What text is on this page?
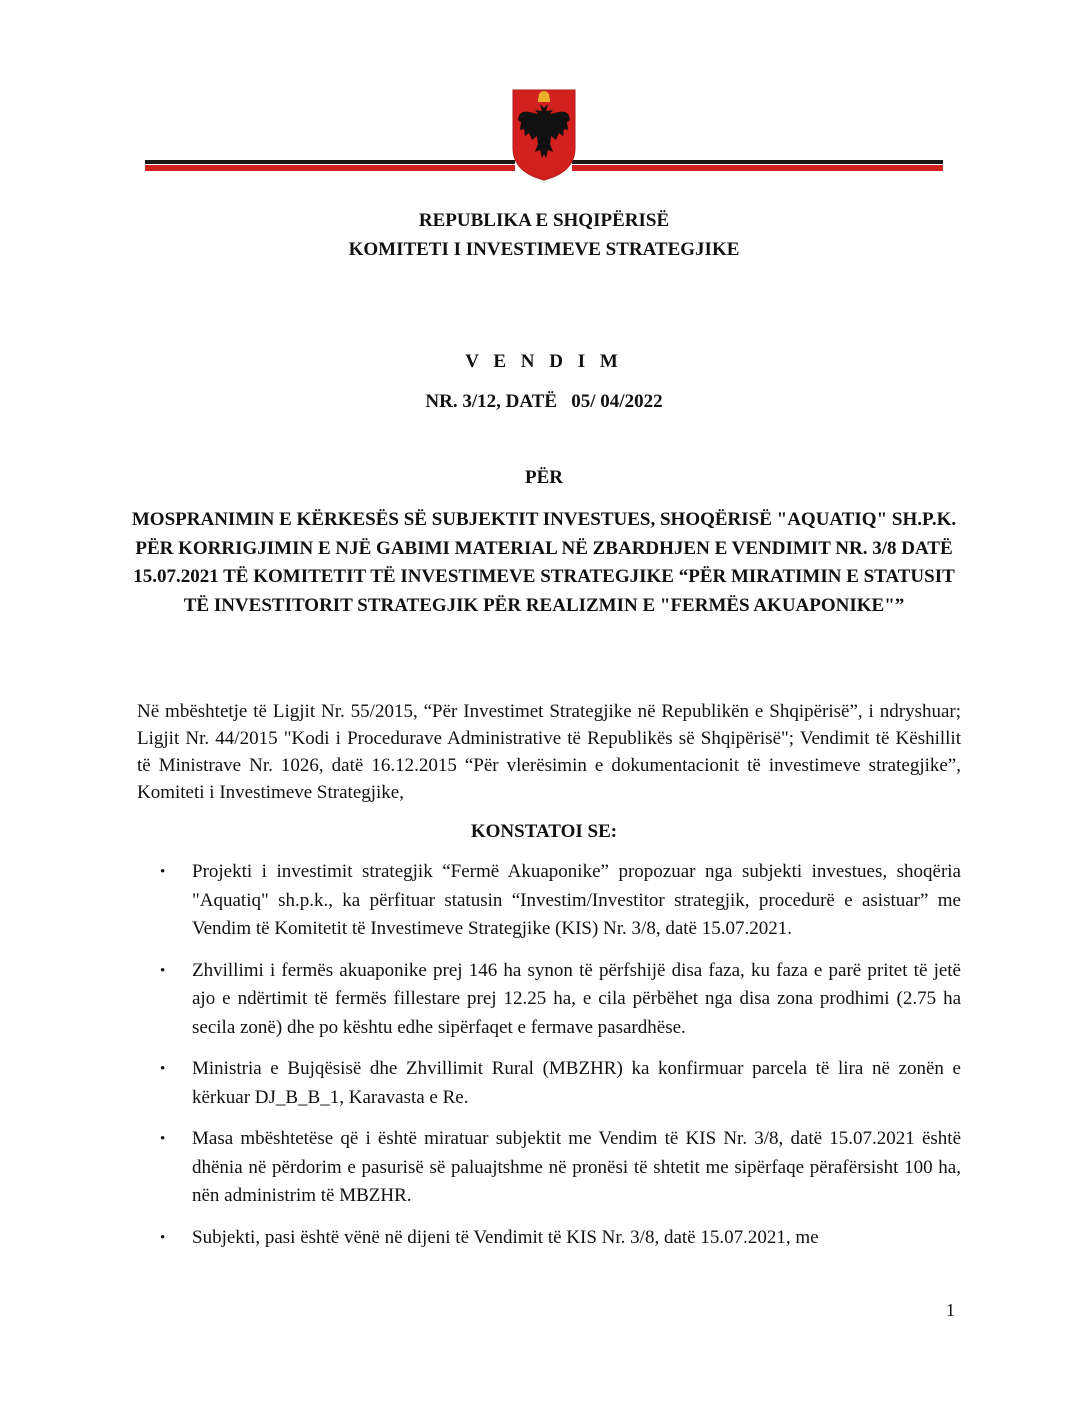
REPUBLIKA E SHQIPËRISË
KOMITETI I INVESTIMEVE STRATEGJIKE
V E N D I M
NR. 3/12, DATË   05/ 04/2022
PËR
MOSPRANIMIN E KËRKESËS SË SUBJEKTIT INVESTUES, SHOQËRISË "AQUATIQ" SH.P.K. PËR KORRIGJIMIN E NJË GABIMI MATERIAL NË ZBARDHJEN E VENDIMIT NR. 3/8 DATË 15.07.2021 TË KOMITETIT TË INVESTIMEVE STRATEGJIKE “PËR MIRATIMIN E STATUSIT TË INVESTITORIT STRATEGJIK PËR REALIZMIN E "FERMËS AKUAPONIKE"”
Në mbështetje të Ligjit Nr. 55/2015, “Për Investimet Strategjike në Republikën e Shqipërisë”, i ndryshuar; Ligjit Nr. 44/2015 "Kodi i Procedurave Administrative të Republikës së Shqipërisë"; Vendimit të Këshillit të Ministrave Nr. 1026, datë 16.12.2015 “Për vlerësimin e dokumentacionit të investimeve strategjike”, Komiteti i Investimeve Strategjike,
KONSTATOI SE:
• Projekti i investimit strategjik “Fermë Akuaponike” propozuar nga subjekti investues, shoqëria "Aquatiq" sh.p.k., ka përfituar statusin “Investim/Investitor strategjik, procedurë e asistuar” me Vendim të Komitetit të Investimeve Strategjike (KIS) Nr. 3/8, datë 15.07.2021.
• Zhvillimi i fermës akuaponike prej 146 ha synon të përfshijë disa faza, ku faza e parë pritet të jetë ajo e ndërtimit të fermës fillestare prej 12.25 ha, e cila përbëhet nga disa zona prodhimi (2.75 ha secila zonë) dhe po kështu edhe sipërfaqet e fermave pasardhëse.
• Ministria e Bujqësisë dhe Zhvillimit Rural (MBZHR) ka konfirmuar parcela të lira në zonën e kërkuar DJ_B_B_1, Karavasta e Re.
• Masa mbështetëse që i është miratuar subjektit me Vendim të KIS Nr. 3/8, datë 15.07.2021 është dhënia në përdorim e pasurisë së paluajtshme në pronësi të shtetit me sipërfaqe përafërsisht 100 ha, nën administrim të MBZHR.
• Subjekti, pasi është vënë në dijeni të Vendimit të KIS Nr. 3/8, datë 15.07.2021, me
1
